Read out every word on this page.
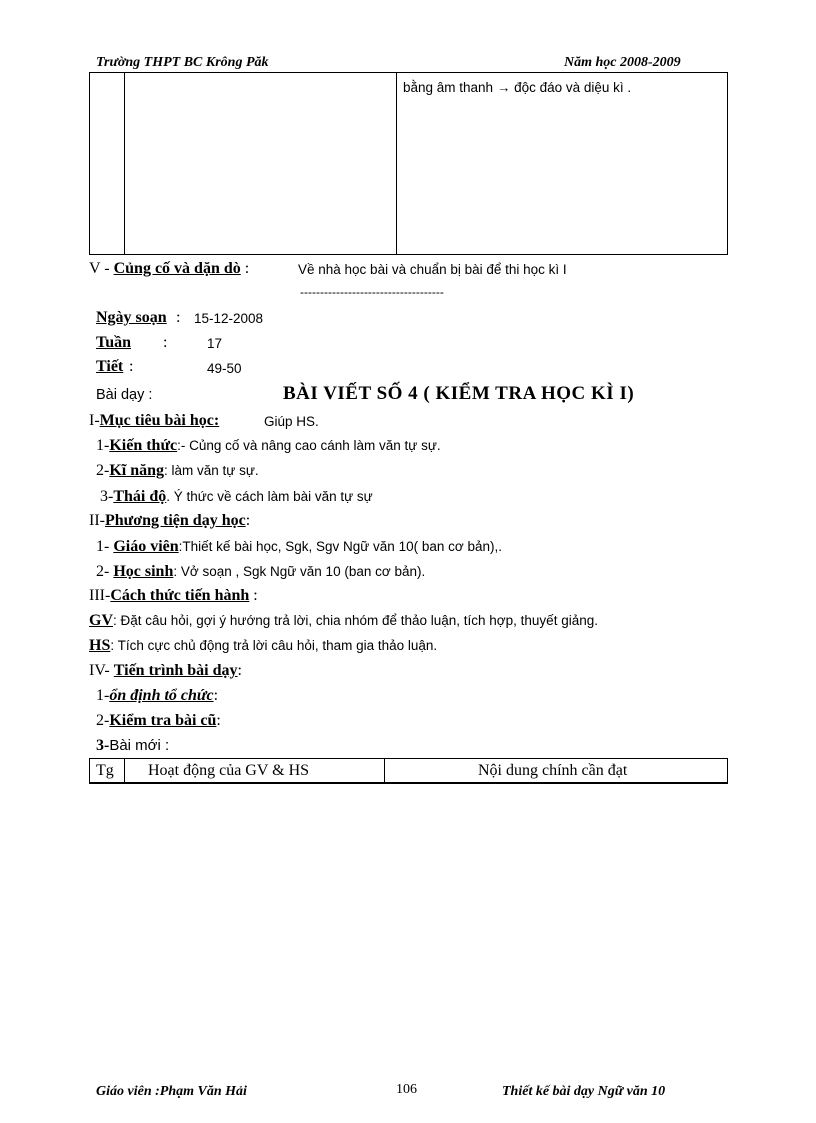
Trường THPT BC Krông Păk	Năm học 2008-2009
bằng âm thanh → độc đáo và diệu kì .
V - Củng cố và dặn dò :	Về nhà học bài và chuẩn bị bài để thi học kì I
------------------------------------
Ngày soạn : 15-12-2008
Tuần :	17
Tiết :	49-50
Bài dạy :	BÀI VIẾT SỐ 4 ( KIỂM TRA HỌC KÌ I)
I-Mục tiêu bài học:	Giúp HS.
1-Kiến thức:- Củng cố và nâng cao cánh làm văn tự sự.
2-Kĩ năng: làm văn tự sự.
3-Thái độ. Ý thức về cách làm bài văn tự sự
II-Phương tiện dạy học:
1- Giáo viên:Thiết kế bài học, Sgk, Sgv Ngữ văn 10( ban cơ bản),.
2- Học sinh: Vở soạn , Sgk Ngữ văn 10 (ban cơ bản).
III-Cách thức tiến hành :
GV: Đặt câu hỏi, gợi ý hướng trả lời, chia nhóm để thảo luận, tích hợp, thuyết giảng.
HS: Tích cực chủ động trả lời câu hỏi, tham gia thảo luận.
IV- Tiến trình bài dạy:
1-ổn định tổ chức:
2-Kiểm tra bài cũ:
3-Bài mới :
Tg Hoạt động của GV & HS	Nội dung chính cần đạt
Giáo viên :Phạm Văn Hải	106	Thiết kế bài dạy Ngữ văn 10
